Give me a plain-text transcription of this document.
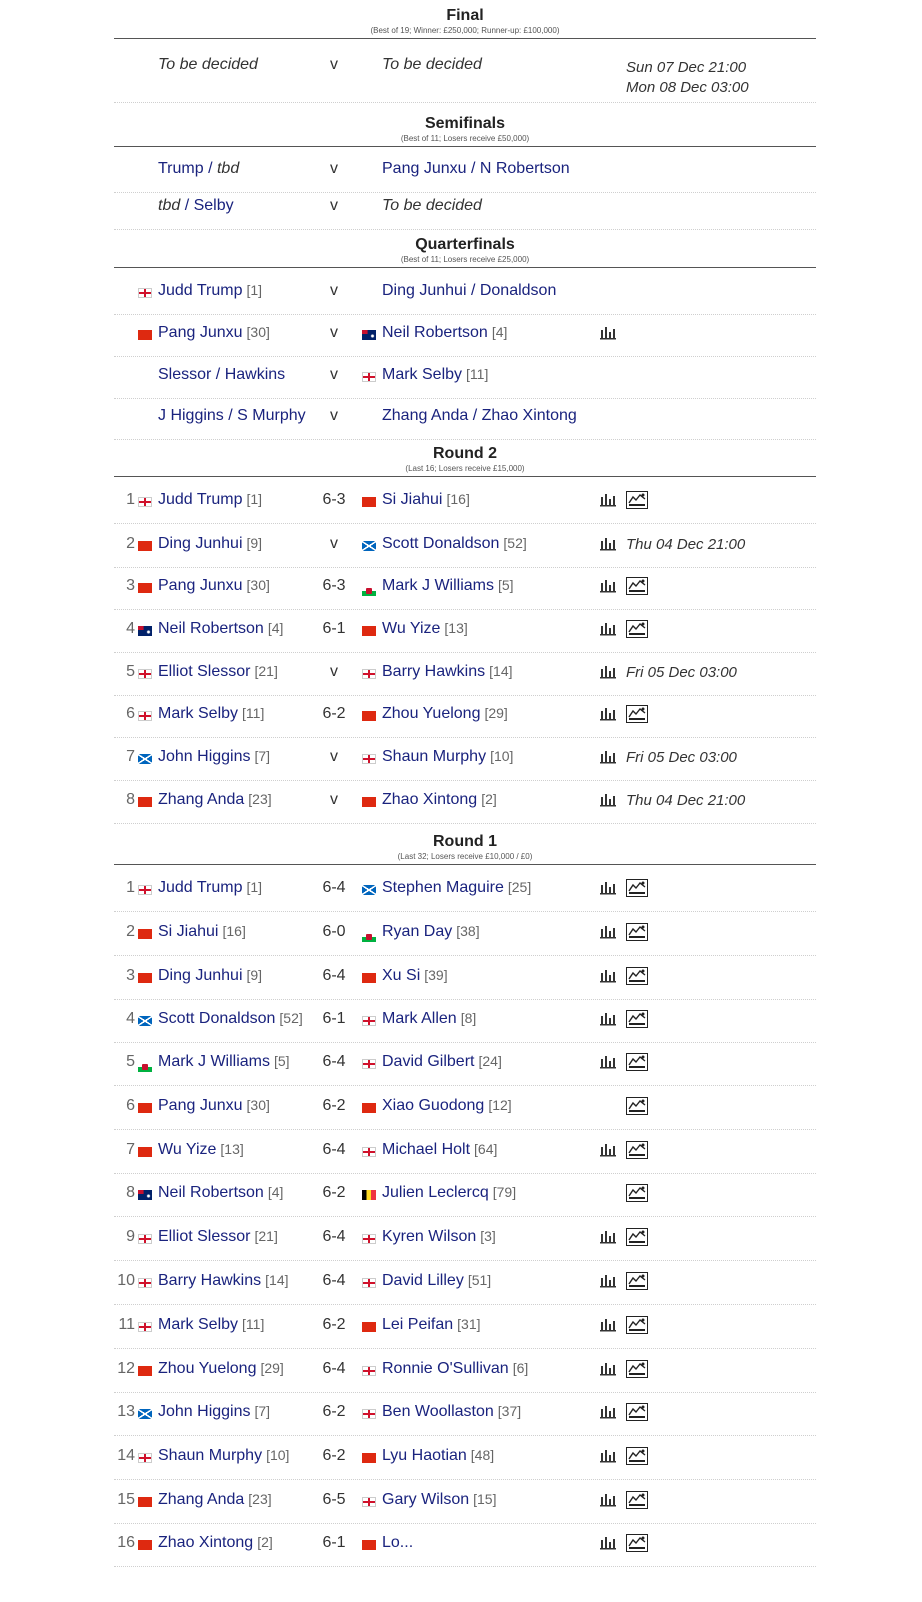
Final
(Best of 19; Winner: £250,000; Runner-up: £100,000)
To be decided	v	To be decided	Sun 07 Dec 21:00
Mon 08 Dec 03:00
Semifinals
(Best of 11; Losers receive £50,000)
Trump / tbd	v	Pang Junxu / N Robertson
tbd / Selby	v	To be decided
Quarterfinals
(Best of 11; Losers receive £25,000)
Judd Trump [1]	v	Ding Junhui / Donaldson
Pang Junxu [30]	v	Neil Robertson [4]
Slessor / Hawkins	v	Mark Selby [11]
J Higgins / S Murphy	v	Zhang Anda / Zhao Xintong
Round 2
(Last 16; Losers receive £15,000)
1 Judd Trump [1]	6-3 Si Jiahui [16]
2 Ding Junhui [9]	v	Scott Donaldson [52]	Thu 04 Dec 21:00
3 Pang Junxu [30]	6-3 Mark J Williams [5]
4 Neil Robertson [4] 6-1 Wu Yize [13]
5 Elliot Slessor [21]	v	Barry Hawkins [14]	Fri 05 Dec 03:00
6 Mark Selby [11]	6-2 Zhou Yuelong [29]
7 John Higgins [7]	v	Shaun Murphy [10]	Fri 05 Dec 03:00
8 Zhang Anda [23]	v	Zhao Xintong [2]	Thu 04 Dec 21:00
Round 1
(Last 32; Losers receive £10,000 / £0)
1 Judd Trump [1]	6-4 Stephen Maguire [25]
2 Si Jiahui [16]	6-0 Ryan Day [38]
3 Ding Junhui [9]	6-4 Xu Si [39]
4 Scott Donaldson [52] 6-1 Mark Allen [8]
5 Mark J Williams [5] 6-4 David Gilbert [24]
6 Pang Junxu [30]	6-2 Xiao Guodong [12]
7 Wu Yize [13]	6-4 Michael Holt [64]
8 Neil Robertson [4] 6-2 Julien Leclercq [79]
9 Elliot Slessor [21]	6-4 Kyren Wilson [3]
10 Barry Hawkins [14] 6-4 David Lilley [51]
11 Mark Selby [11]	6-2 Lei Peifan [31]
12 Zhou Yuelong [29] 6-4 Ronnie O'Sullivan [6]
13 John Higgins [7]	6-2 Ben Woollaston [37]
14 Shaun Murphy [10] 6-2 Lyu Haotian [48]
15 Zhang Anda [23]	6-5 Gary Wilson [15]
16 Zhao Xintong [2]	6-1 Lo...
